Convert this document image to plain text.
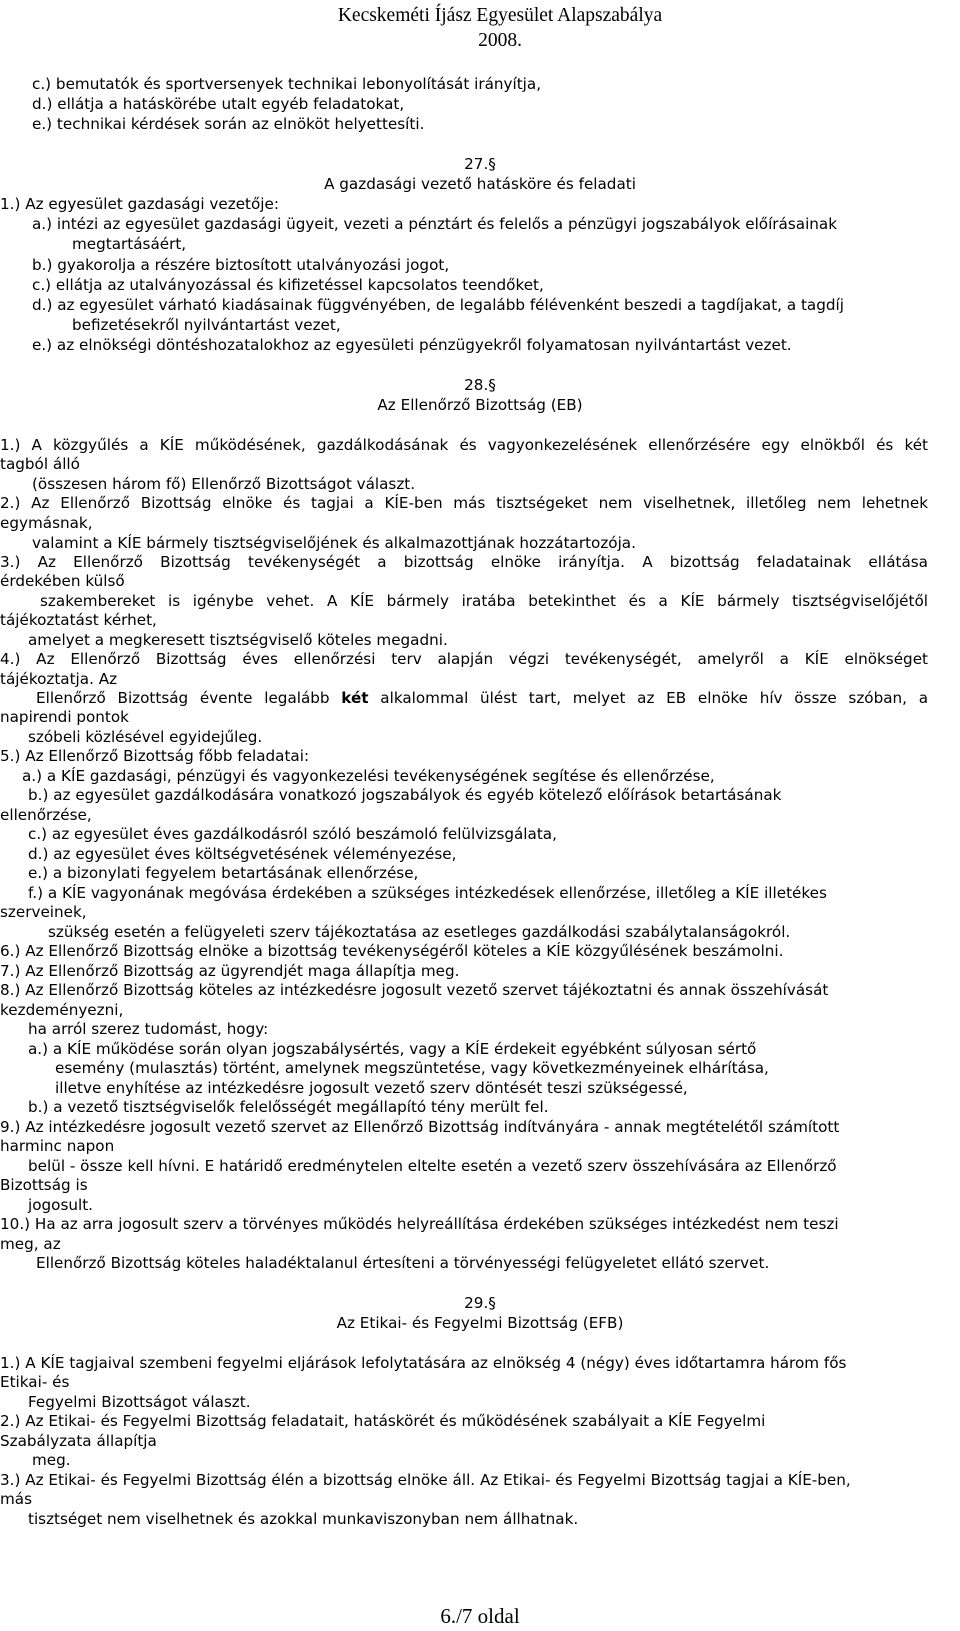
Kecskeméti Íjász Egyesület Alapszabálya
2008.
c.) bemutatók és sportversenyek technikai lebonyolítását irányítja,
d.) ellátja a hatáskörébe utalt egyéb feladatokat,
e.) technikai kérdések során az elnököt helyettesíti.
27.§
A gazdasági vezető hatásköre és feladati
1.) Az egyesület gazdasági vezetője:
a.) intézi az egyesület gazdasági ügyeit, vezeti a pénztárt és felelős a pénzügyi jogszabályok előírásainak
megtartásáért,
b.) gyakorolja a részére biztosított utalványozási jogot,
c.) ellátja az utalványozással és kifizetéssel kapcsolatos teendőket,
d.) az egyesület várható kiadásainak függvényében, de legalább félévenként beszedi a tagdíjakat, a tagdíj
befizetésekről nyilvántartást vezet,
e.) az elnökségi döntéshozatalokhoz az egyesületi pénzügyekről folyamatosan nyilvántartást vezet.
28.§
Az Ellenőrző Bizottság (EB)
1.) A közgyűlés a KÍE működésének, gazdálkodásának és vagyonkezelésének ellenőrzésére egy elnökből és két
tagból álló
(összesen három fő) Ellenőrző Bizottságot választ.
2.) Az Ellenőrző Bizottság elnöke és tagjai a KÍE-ben más tisztségeket nem viselhetnek, illetőleg nem lehetnek
egymásnak,
valamint a KÍE bármely tisztségviselőjének és alkalmazottjának hozzátartozója.
3.) Az Ellenőrző Bizottság tevékenységét a bizottság elnöke irányítja. A bizottság feladatainak ellátása
érdekében külső
szakembereket is igénybe vehet. A KÍE bármely iratába betekinthet és a KÍE bármely tisztségviselőjétől
tájékoztatást kérhet,
amelyet a megkeresett tisztségviselő köteles megadni.
4.) Az Ellenőrző Bizottság éves ellenőrzési terv alapján végzi tevékenységét, amelyről a KÍE elnökséget
tájékoztatja. Az
Ellenőrző Bizottság évente legalább két alkalommal ülést tart, melyet az EB elnöke hív össze szóban, a
napirendi pontok
szóbeli közlésével egyidejűleg.
5.) Az Ellenőrző Bizottság főbb feladatai:
a.) a KÍE gazdasági, pénzügyi és vagyonkezelési tevékenységének segítése és ellenőrzése,
b.) az egyesület gazdálkodására vonatkozó jogszabályok és egyéb kötelező előírások betartásának
ellenőrzése,
c.) az egyesület éves gazdálkodásról szóló beszámoló felülvizsgálata,
d.) az egyesület éves költségvetésének véleményezése,
e.) a bizonylati fegyelem betartásának ellenőrzése,
f.) a KÍE vagyonának megóvása érdekében a szükséges intézkedések ellenőrzése, illetőleg a KÍE illetékes
szerveinek,
szükség esetén a felügyeleti szerv tájékoztatása az esetleges gazdálkodási szabálytalanságokról.
6.) Az Ellenőrző Bizottság elnöke a bizottság tevékenységéről köteles a KÍE közgyűlésének beszámolni.
7.) Az Ellenőrző Bizottság az ügyrendjét maga állapítja meg.
8.) Az Ellenőrző Bizottság köteles az intézkedésre jogosult vezető szervet tájékoztatni és annak összehívását
kezdeményezni,
ha arról szerez tudomást, hogy:
a.) a KÍE működése során olyan jogszabálysértés, vagy a KÍE érdekeit egyébként súlyosan sértő
esemény (mulasztás) történt, amelynek megszüntetése, vagy következményeinek elhárítása,
illetve enyhítése az intézkedésre jogosult vezető szerv döntését teszi szükségessé,
b.) a vezető tisztségviselők felelősségét megállapító tény merült fel.
9.) Az intézkedésre jogosult vezető szervet az Ellenőrző Bizottság indítványára - annak megtételétől számított
harminc napon
belül - össze kell hívni. E határidő eredménytelen eltelte esetén a vezető szerv összehívására az Ellenőrző
Bizottság is
jogosult.
10.) Ha az arra jogosult szerv a törvényes működés helyreállítása érdekében szükséges intézkedést nem teszi
meg, az
Ellenőrző Bizottság köteles haladéktalanul értesíteni a törvényességi felügyeletet ellátó szervet.
29.§
Az Etikai- és Fegyelmi Bizottság (EFB)
1.) A KÍE tagjaival szembeni fegyelmi eljárások lefolytatására az elnökség 4 (négy) éves időtartamra három fős
Etikai- és
Fegyelmi Bizottságot választ.
2.) Az Etikai- és Fegyelmi Bizottság feladatait, hatáskörét és működésének szabályait a KÍE Fegyelmi
Szabályzata állapítja
meg.
3.) Az Etikai- és Fegyelmi Bizottság élén a bizottság elnöke áll. Az Etikai- és Fegyelmi Bizottság tagjai a KÍE-ben,
más
tisztséget nem viselhetnek és azokkal munkaviszonyban nem állhatnak.
6./7 oldal
